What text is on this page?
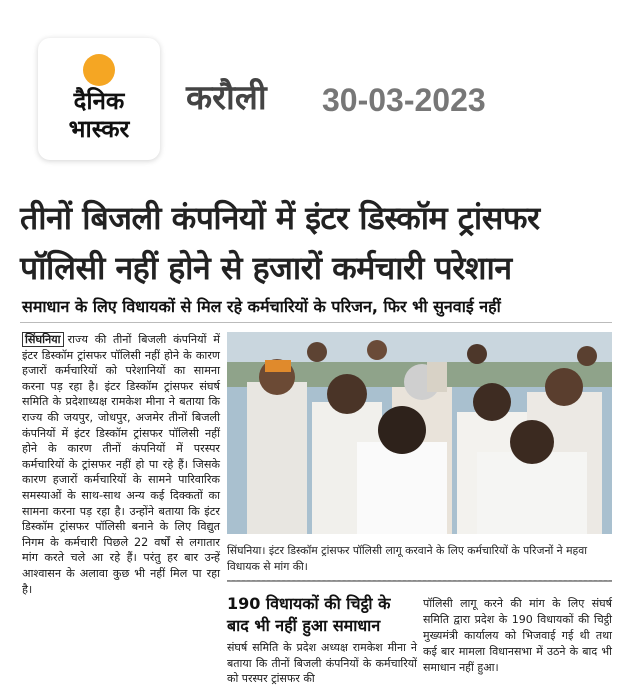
दैनिक
भास्कर
करौली 30-03-2023
तीनों बिजली कंपनियों में इंटर डिस्कॉम ट्रांसफर पॉलिसी नहीं होने से हजारों कर्मचारी परेशान
समाधान के लिए विधायकों से मिल रहे कर्मचारियों के परिजन, फिर भी सुनवाई नहीं
सिंघनिया राज्य की तीनों बिजली कंपनियों में इंटर डिस्कॉम ट्रांसफर पॉलिसी नहीं होने के कारण हजारों कर्मचारियों को परेशानियों का सामना करना पड़ रहा है। इंटर डिस्कॉम ट्रांसफर संघर्ष समिति के प्रदेशाध्यक्ष रामकेश मीना ने बताया कि राज्य की जयपुर, जोधपुर, अजमेर तीनों बिजली कंपनियों में इंटर डिस्कॉम ट्रांसफर पॉलिसी नहीं होने के कारण तीनों कंपनियों में परस्पर कर्मचारियों के ट्रांसफर नहीं हो पा रहे हैं। जिसके कारण हजारों कर्मचारियों के सामने पारिवारिक समस्याओं के साथ-साथ अन्य कई दिक्कतों का सामना करना पड़ रहा है। उन्होंने बताया कि इंटर डिस्कॉम ट्रांसफर पॉलिसी बनाने के लिए विद्युत निगम के कर्मचारी पिछले 22 वर्षों से लगातार मांग करते चले आ रहे हैं। परंतु हर बार उन्हें आश्वासन के अलावा कुछ भी नहीं मिल पा रहा है।
सिंघनिया। इंटर डिस्कॉम ट्रांसफर पॉलिसी लागू करवाने के लिए कर्मचारियों के परिजनों ने महवा विधायक से मांग की।
190 विधायकों की चिट्ठी के बाद भी नहीं हुआ समाधान
संघर्ष समिति के प्रदेश अध्यक्ष रामकेश मीना ने बताया कि तीनों बिजली कंपनियों के कर्मचारियों को परस्पर ट्रांसफर की
पॉलिसी लागू करने की मांग के लिए संघर्ष समिति द्वारा प्रदेश के 190 विधायकों की चिट्ठी मुख्यमंत्री कार्यालय को भिजवाई गई थी तथा कई बार मामला विधानसभा में उठने के बाद भी समाधान नहीं हुआ।
